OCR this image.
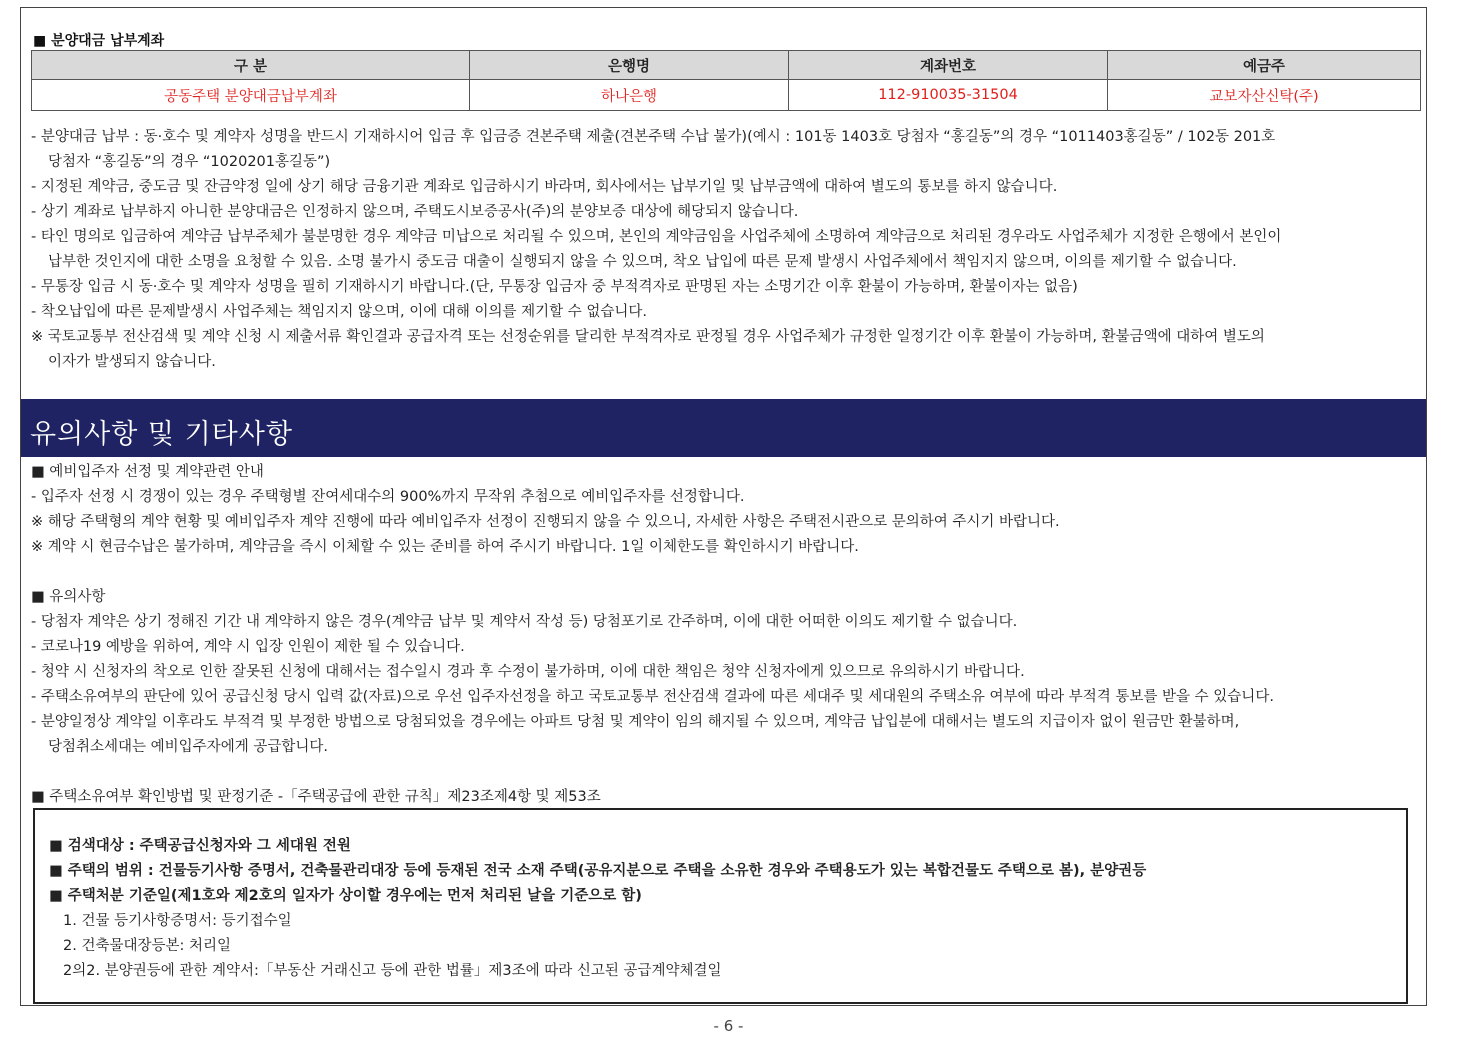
■ 분양대금 납부계좌
구 분	은행명	계좌번호	예금주
공동주택 분양대금납부계좌	하나은행	112-910035-31504	교보자산신탁(주)
- 분양대금 납부 : 동·호수 및 계약자 성명을 반드시 기재하시어 입금 후 입금증 견본주택 제출(견본주택 수납 불가)(예시 : 101동 1403호 당첨자 “홍길동”의 경우 “1011403홍길동” / 102동 201호
당첨자 “홍길동”의 경우 “1020201홍길동”)
- 지정된 계약금, 중도금 및 잔금약정 일에 상기 해당 금융기관 계좌로 입금하시기 바라며, 회사에서는 납부기일 및 납부금액에 대하여 별도의 통보를 하지 않습니다.
- 상기 계좌로 납부하지 아니한 분양대금은 인정하지 않으며, 주택도시보증공사(주)의 분양보증 대상에 해당되지 않습니다.
- 타인 명의로 입금하여 계약금 납부주체가 불분명한 경우 계약금 미납으로 처리될 수 있으며, 본인의 계약금임을 사업주체에 소명하여 계약금으로 처리된 경우라도 사업주체가 지정한 은행에서 본인이
납부한 것인지에 대한 소명을 요청할 수 있음. 소명 불가시 중도금 대출이 실행되지 않을 수 있으며, 착오 납입에 따른 문제 발생시 사업주체에서 책임지지 않으며, 이의를 제기할 수 없습니다.
- 무통장 입금 시 동·호수 및 계약자 성명을 필히 기재하시기 바랍니다.(단, 무통장 입금자 중 부적격자로 판명된 자는 소명기간 이후 환불이 가능하며, 환불이자는 없음)
- 착오납입에 따른 문제발생시 사업주체는 책임지지 않으며, 이에 대해 이의를 제기할 수 없습니다.
※ 국토교통부 전산검색 및 계약 신청 시 제출서류 확인결과 공급자격 또는 선정순위를 달리한 부적격자로 판정될 경우 사업주체가 규정한 일정기간 이후 환불이 가능하며, 환불금액에 대하여 별도의
이자가 발생되지 않습니다.
유의사항 및 기타사항
■ 예비입주자 선정 및 계약관련 안내
- 입주자 선정 시 경쟁이 있는 경우 주택형별 잔여세대수의 900%까지 무작위 추첨으로 예비입주자를 선정합니다.
※ 해당 주택형의 계약 현황 및 예비입주자 계약 진행에 따라 예비입주자 선정이 진행되지 않을 수 있으니, 자세한 사항은 주택전시관으로 문의하여 주시기 바랍니다.
※ 계약 시 현금수납은 불가하며, 계약금을 즉시 이체할 수 있는 준비를 하여 주시기 바랍니다. 1일 이체한도를 확인하시기 바랍니다.
■ 유의사항
- 당첨자 계약은 상기 정해진 기간 내 계약하지 않은 경우(계약금 납부 및 계약서 작성 등) 당첨포기로 간주하며, 이에 대한 어떠한 이의도 제기할 수 없습니다.
- 코로나19 예방을 위하여, 계약 시 입장 인원이 제한 될 수 있습니다.
- 청약 시 신청자의 착오로 인한 잘못된 신청에 대해서는 접수일시 경과 후 수정이 불가하며, 이에 대한 책임은 청약 신청자에게 있으므로 유의하시기 바랍니다.
- 주택소유여부의 판단에 있어 공급신청 당시 입력 값(자료)으로 우선 입주자선정을 하고 국토교통부 전산검색 결과에 따른 세대주 및 세대원의 주택소유 여부에 따라 부적격 통보를 받을 수 있습니다.
- 분양일정상 계약일 이후라도 부적격 및 부정한 방법으로 당첨되었을 경우에는 아파트 당첨 및 계약이 임의 해지될 수 있으며, 계약금 납입분에 대해서는 별도의 지급이자 없이 원금만 환불하며,
당첨취소세대는 예비입주자에게 공급합니다.
■ 주택소유여부 확인방법 및 판정기준 -「주택공급에 관한 규칙」제23조제4항 및 제53조
■ 검색대상 : 주택공급신청자와 그 세대원 전원
■ 주택의 범위 : 건물등기사항 증명서, 건축물관리대장 등에 등재된 전국 소재 주택(공유지분으로 주택을 소유한 경우와 주택용도가 있는 복합건물도 주택으로 봄), 분양권등
■ 주택처분 기준일(제1호와 제2호의 일자가 상이할 경우에는 먼저 처리된 날을 기준으로 함)
1. 건물 등기사항증명서: 등기접수일
2. 건축물대장등본: 처리일
2의2. 분양권등에 관한 계약서:「부동산 거래신고 등에 관한 법률」제3조에 따라 신고된 공급계약체결일
- 6 -
